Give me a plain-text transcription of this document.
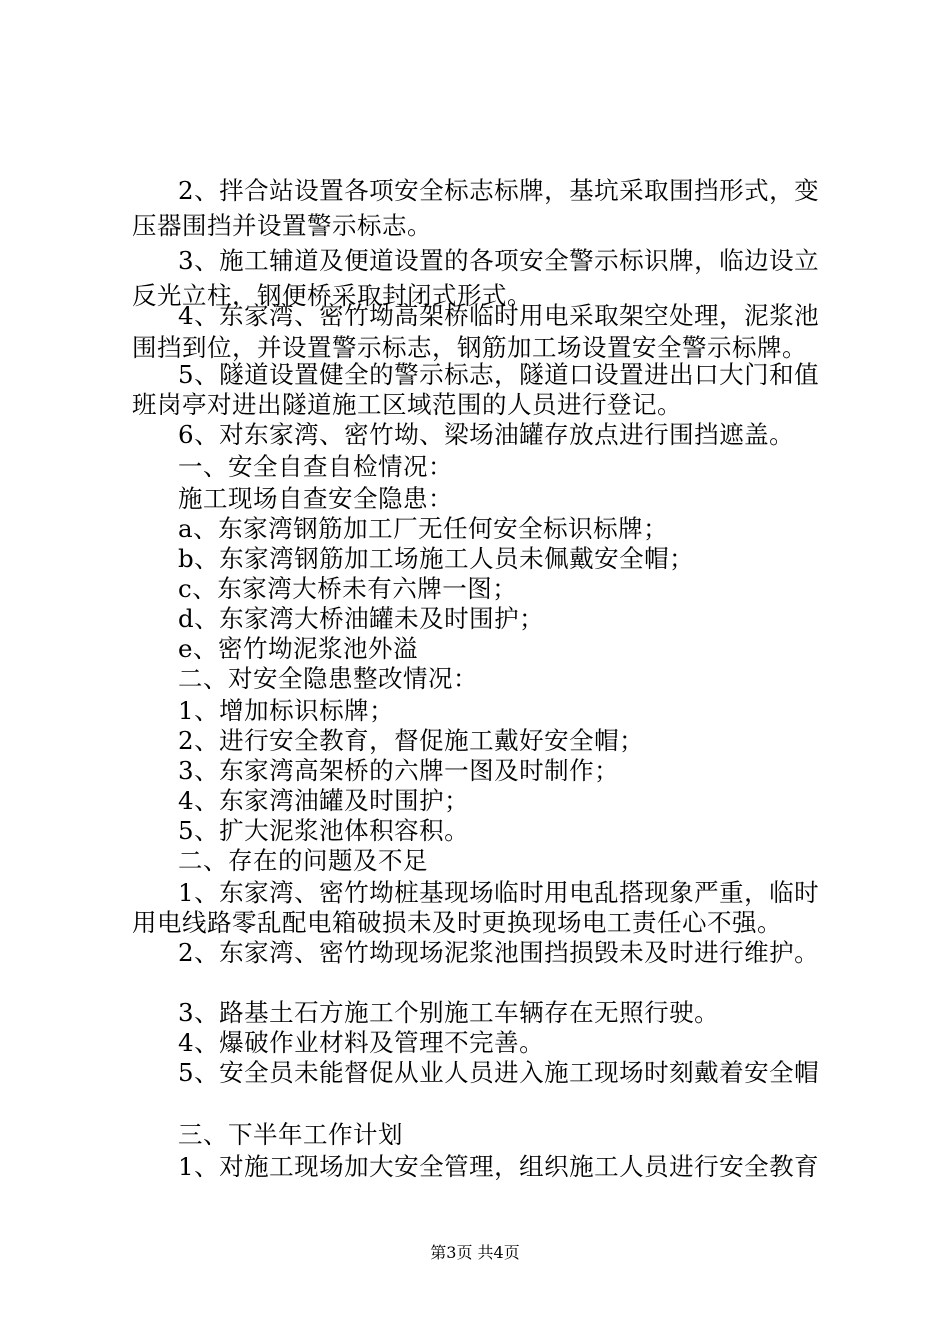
2、拌合站设置各项安全标志标牌，基坑采取围挡形式，变
压器围挡并设置警示标志。
3、施工辅道及便道设置的各项安全警示标识牌，临边设立
反光立柱，钢便桥采取封闭式形式。
4、东家湾、密竹坳高架桥临时用电采取架空处理，泥浆池
围挡到位，并设置警示标志，钢筋加工场设置安全警示标牌。
5、隧道设置健全的警示标志，隧道口设置进出口大门和值
班岗亭对进出隧道施工区域范围的人员进行登记。
6、对东家湾、密竹坳、梁场油罐存放点进行围挡遮盖。
一、安全自查自检情况：
施工现场自查安全隐患：
a、东家湾钢筋加工厂无任何安全标识标牌；
b、东家湾钢筋加工场施工人员未佩戴安全帽；
c、东家湾大桥未有六牌一图；
d、东家湾大桥油罐未及时围护；
e、密竹坳泥浆池外溢
二、对安全隐患整改情况：
1、增加标识标牌；
2、进行安全教育，督促施工戴好安全帽；
3、东家湾高架桥的六牌一图及时制作；
4、东家湾油罐及时围护；
5、扩大泥浆池体积容积。
二、存在的问题及不足
1、东家湾、密竹坳桩基现场临时用电乱搭现象严重，临时
用电线路零乱配电箱破损未及时更换现场电工责任心不强。
2、东家湾、密竹坳现场泥浆池围挡损毁未及时进行维护。
3、路基土石方施工个别施工车辆存在无照行驶。
4、爆破作业材料及管理不完善。
5、安全员未能督促从业人员进入施工现场时刻戴着安全帽
三、下半年工作计划
1、对施工现场加大安全管理，组织施工人员进行安全教育
第3页 共4页
